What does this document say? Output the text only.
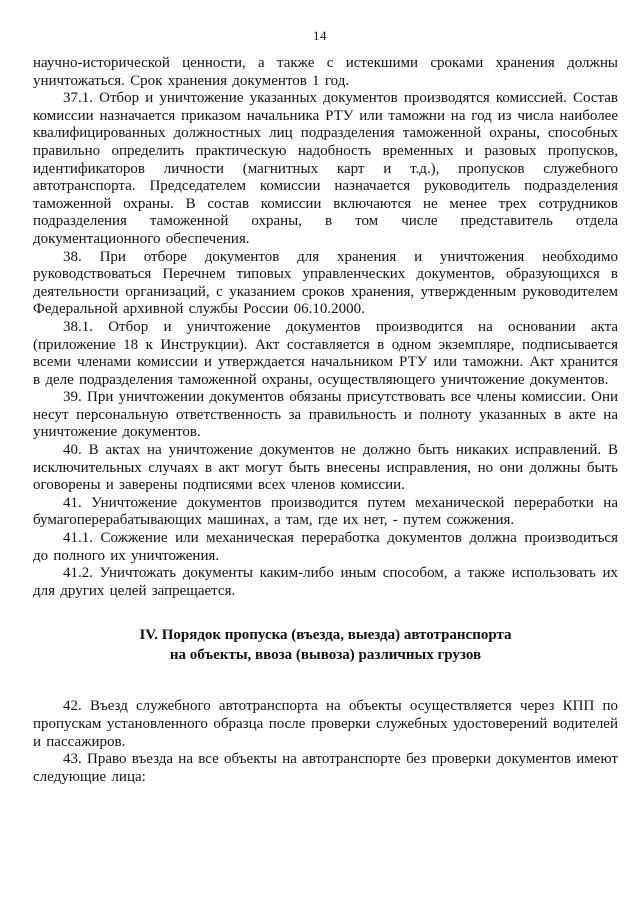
14

научно-исторической ценности, а также с истекшими сроками хранения должны уничтожаться. Срок хранения документов 1 год.

37.1. Отбор и уничтожение указанных документов производятся комиссией. Состав комиссии назначается приказом начальника РТУ или таможни на год из числа наиболее квалифицированных должностных лиц подразделения таможенной охраны, способных правильно определить практическую надобность временных и разовых пропусков, идентификаторов личности (магнитных карт и т.д.), пропусков служебного автотранспорта. Председателем комиссии назначается руководитель подразделения таможенной охраны. В состав комиссии включаются не менее трех сотрудников подразделения таможенной охраны, в том числе представитель отдела документационного обеспечения.

38. При отборе документов для хранения и уничтожения необходимо руководствоваться Перечнем типовых управленческих документов, образующихся в деятельности организаций, с указанием сроков хранения, утвержденным руководителем Федеральной архивной службы России 06.10.2000.

38.1. Отбор и уничтожение документов производится на основании акта (приложение 18 к Инструкции). Акт составляется в одном экземпляре, подписывается всеми членами комиссии и утверждается начальником РТУ или таможни. Акт хранится в деле подразделения таможенной охраны, осуществляющего уничтожение документов.

39. При уничтожении документов обязаны присутствовать все члены комиссии. Они несут персональную ответственность за правильность и полноту указанных в акте на уничтожение документов.

40. В актах на уничтожение документов не должно быть никаких исправлений. В исключительных случаях в акт могут быть внесены исправления, но они должны быть оговорены и заверены подписями всех членов комиссии.

41. Уничтожение документов производится путем механической переработки на бумагоперерабатывающих машинах, а там, где их нет, - путем сожжения.

41.1. Сожжение или механическая переработка документов должна производиться до полного их уничтожения.

41.2. Уничтожать документы каким-либо иным способом, а также использовать их для других целей запрещается.

IV. Порядок пропуска (въезда, выезда) автотранспорта
на объекты, ввоза (вывоза) различных грузов

42. Въезд служебного автотранспорта на объекты осуществляется через КПП по пропускам установленного образца после проверки служебных удостоверений водителей и пассажиров.

43. Право въезда на все объекты на автотранспорте без проверки документов имеют следующие лица:
